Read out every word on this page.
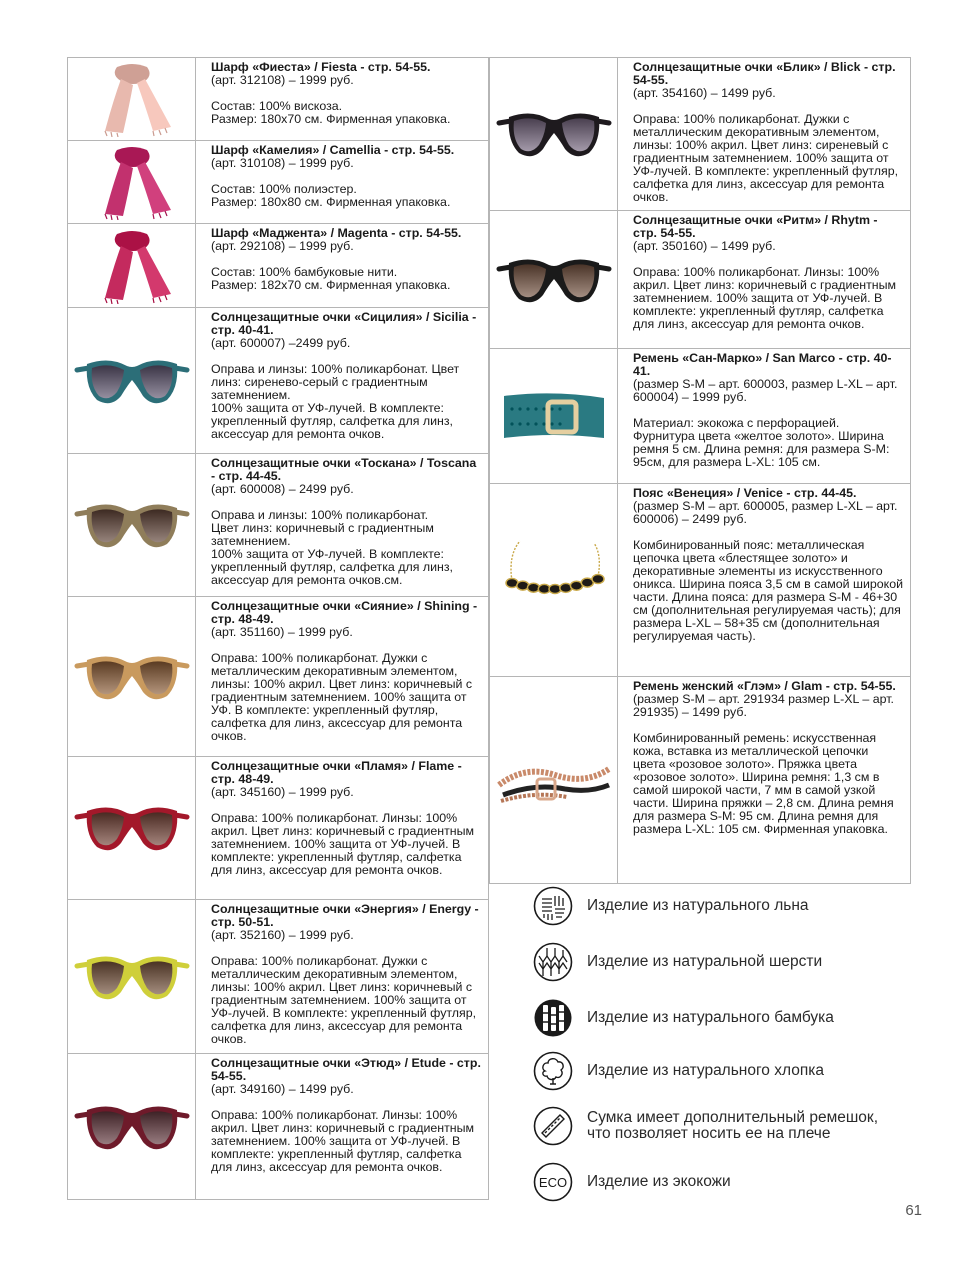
Шарф «Фиеста» / Fiesta - стр. 54-55.

(арт. 312108) – 1999 руб.

Состав: 100% вискоза.
Размер: 180х70 см. Фирменная упаковка.

Шарф «Камелия» / Camellia - стр. 54-55.

(арт. 310108) – 1999 руб.

Состав: 100% полиэстер.
Размер: 180х80 см. Фирменная упаковка.

Шарф «Маджента» / Magenta - стр. 54-55.

(арт. 292108) – 1999 руб.

Состав: 100% бамбуковые нити.
Размер: 182х70 см. Фирменная упаковка.

Солнцезащитные очки «Сицилия» / Sicilia - стр. 40-41.

(арт. 600007) –2499 руб.

Оправа и линзы: 100% поликарбонат. Цвет линз: сиренево-серый с градиентным затемнением.
100% защита от УФ-лучей. В комплекте: укрепленный футляр, салфетка для линз, аксессуар для ремонта очков.

Солнцезащитные очки «Тоскана» / Toscana - стр. 44-45.

(арт. 600008) – 2499 руб.

Оправа и линзы: 100% поликарбонат.
Цвет линз: коричневый с градиентным затемнением.
100% защита от УФ-лучей. В комплекте: укрепленный футляр, салфетка для линз, аксессуар для ремонта очков.см.

Солнцезащитные очки «Сияние» / Shining - стр. 48-49.

(арт. 351160) – 1999 руб.

Оправа: 100% поликарбонат. Дужки с металлическим декоративным элементом, линзы: 100% акрил. Цвет линз: коричневый с градиентным затемнением. 100% защита от УФ. В комплекте: укрепленный футляр, салфетка для линз, аксессуар для ремонта очков.

Солнцезащитные очки «Пламя» / Flame - стр. 48-49.

(арт. 345160) – 1999 руб.

Оправа: 100% поликарбонат. Линзы: 100% акрил. Цвет линз: коричневый с градиентным затемнением. 100% защита от УФ-лучей. В комплекте: укрепленный футляр, салфетка для линз, аксессуар для ремонта очков.

Солнцезащитные очки «Энергия» / Energy - стр. 50-51.

(арт. 352160) – 1999 руб.

Оправа: 100% поликарбонат. Дужки с металлическим декоративным элементом, линзы: 100% акрил. Цвет линз: коричневый с градиентным затемнением. 100% защита от УФ-лучей. В комплекте: укрепленный футляр, салфетка для линз, аксессуар для ремонта очков.

Солнцезащитные очки «Этюд» / Etude - стр. 54-55.

(арт. 349160) – 1499 руб.

Оправа: 100% поликарбонат. Линзы: 100% акрил. Цвет линз: коричневый с градиентным затемнением. 100% защита от УФ-лучей. В комплекте: укрепленный футляр, салфетка для линз, аксессуар для ремонта очков.

Солнцезащитные очки «Блик» / Blick - стр. 54-55.

(арт. 354160) – 1499 руб.

Оправа: 100% поликарбонат. Дужки с металлическим декоративным элементом, линзы: 100% акрил. Цвет линз: сиреневый с градиентным затемнением. 100% защита от УФ-лучей. В комплекте: укрепленный футляр, салфетка для линз, аксессуар для ремонта очков.

Солнцезащитные очки «Ритм» / Rhytm - стр. 54-55.

(арт. 350160) – 1499 руб.

Оправа: 100% поликарбонат. Линзы: 100% акрил. Цвет линз: коричневый с градиентным затемнением. 100% защита от УФ-лучей. В комплекте: укрепленный футляр, салфетка для линз, аксессуар для ремонта очков.

Ремень «Сан-Марко» / San Marco - стр. 40-41.

(размер S-M – арт. 600003, размер L-XL – арт. 600004) – 1999 руб.

Материал: экокожа с перфорацией. Фурнитура цвета «желтое золото». Ширина ремня 5 см. Длина ремня: для размера S-M: 95см, для размера L-XL: 105 см.

Пояс «Венеция» / Venice - стр. 44-45.

(размер S-M – арт. 600005, размер L-XL – арт. 600006) – 2499 руб.

Комбинированный пояс: металлическая цепочка цвета «блестящее золото» и декоративные элементы из искусственного оникса. Ширина пояса 3,5 см в самой широкой части. Длина пояса: для размера S-M - 46+30 см (дополнительная регулируемая часть); для размера L-XL – 58+35 см (дополнительная регулируемая часть).

Ремень женский «Глэм» / Glam - стр. 54-55.

(размер S-M – арт. 291934 размер L-XL – арт. 291935) – 1499 руб.

Комбинированный ремень: искусственная кожа, вставка из металлической цепочки цвета «розовое золото». Пряжка цвета «розовое золото». Ширина ремня: 1,3 см в самой широкой части, 7 мм в самой узкой части. Ширина пряжки – 2,8 см. Длина ремня для размера S-M: 95 см. Длина ремня для размера L-XL: 105 см. Фирменная упаковка.

Изделие из натурального льна
Изделие из натуральной шерсти
Изделие из натурального бамбука
Изделие из натурального хлопка
Сумка имеет дополнительный ремешок,
что позволяет носить ее на плече
ECO Изделие из экокожи
61
